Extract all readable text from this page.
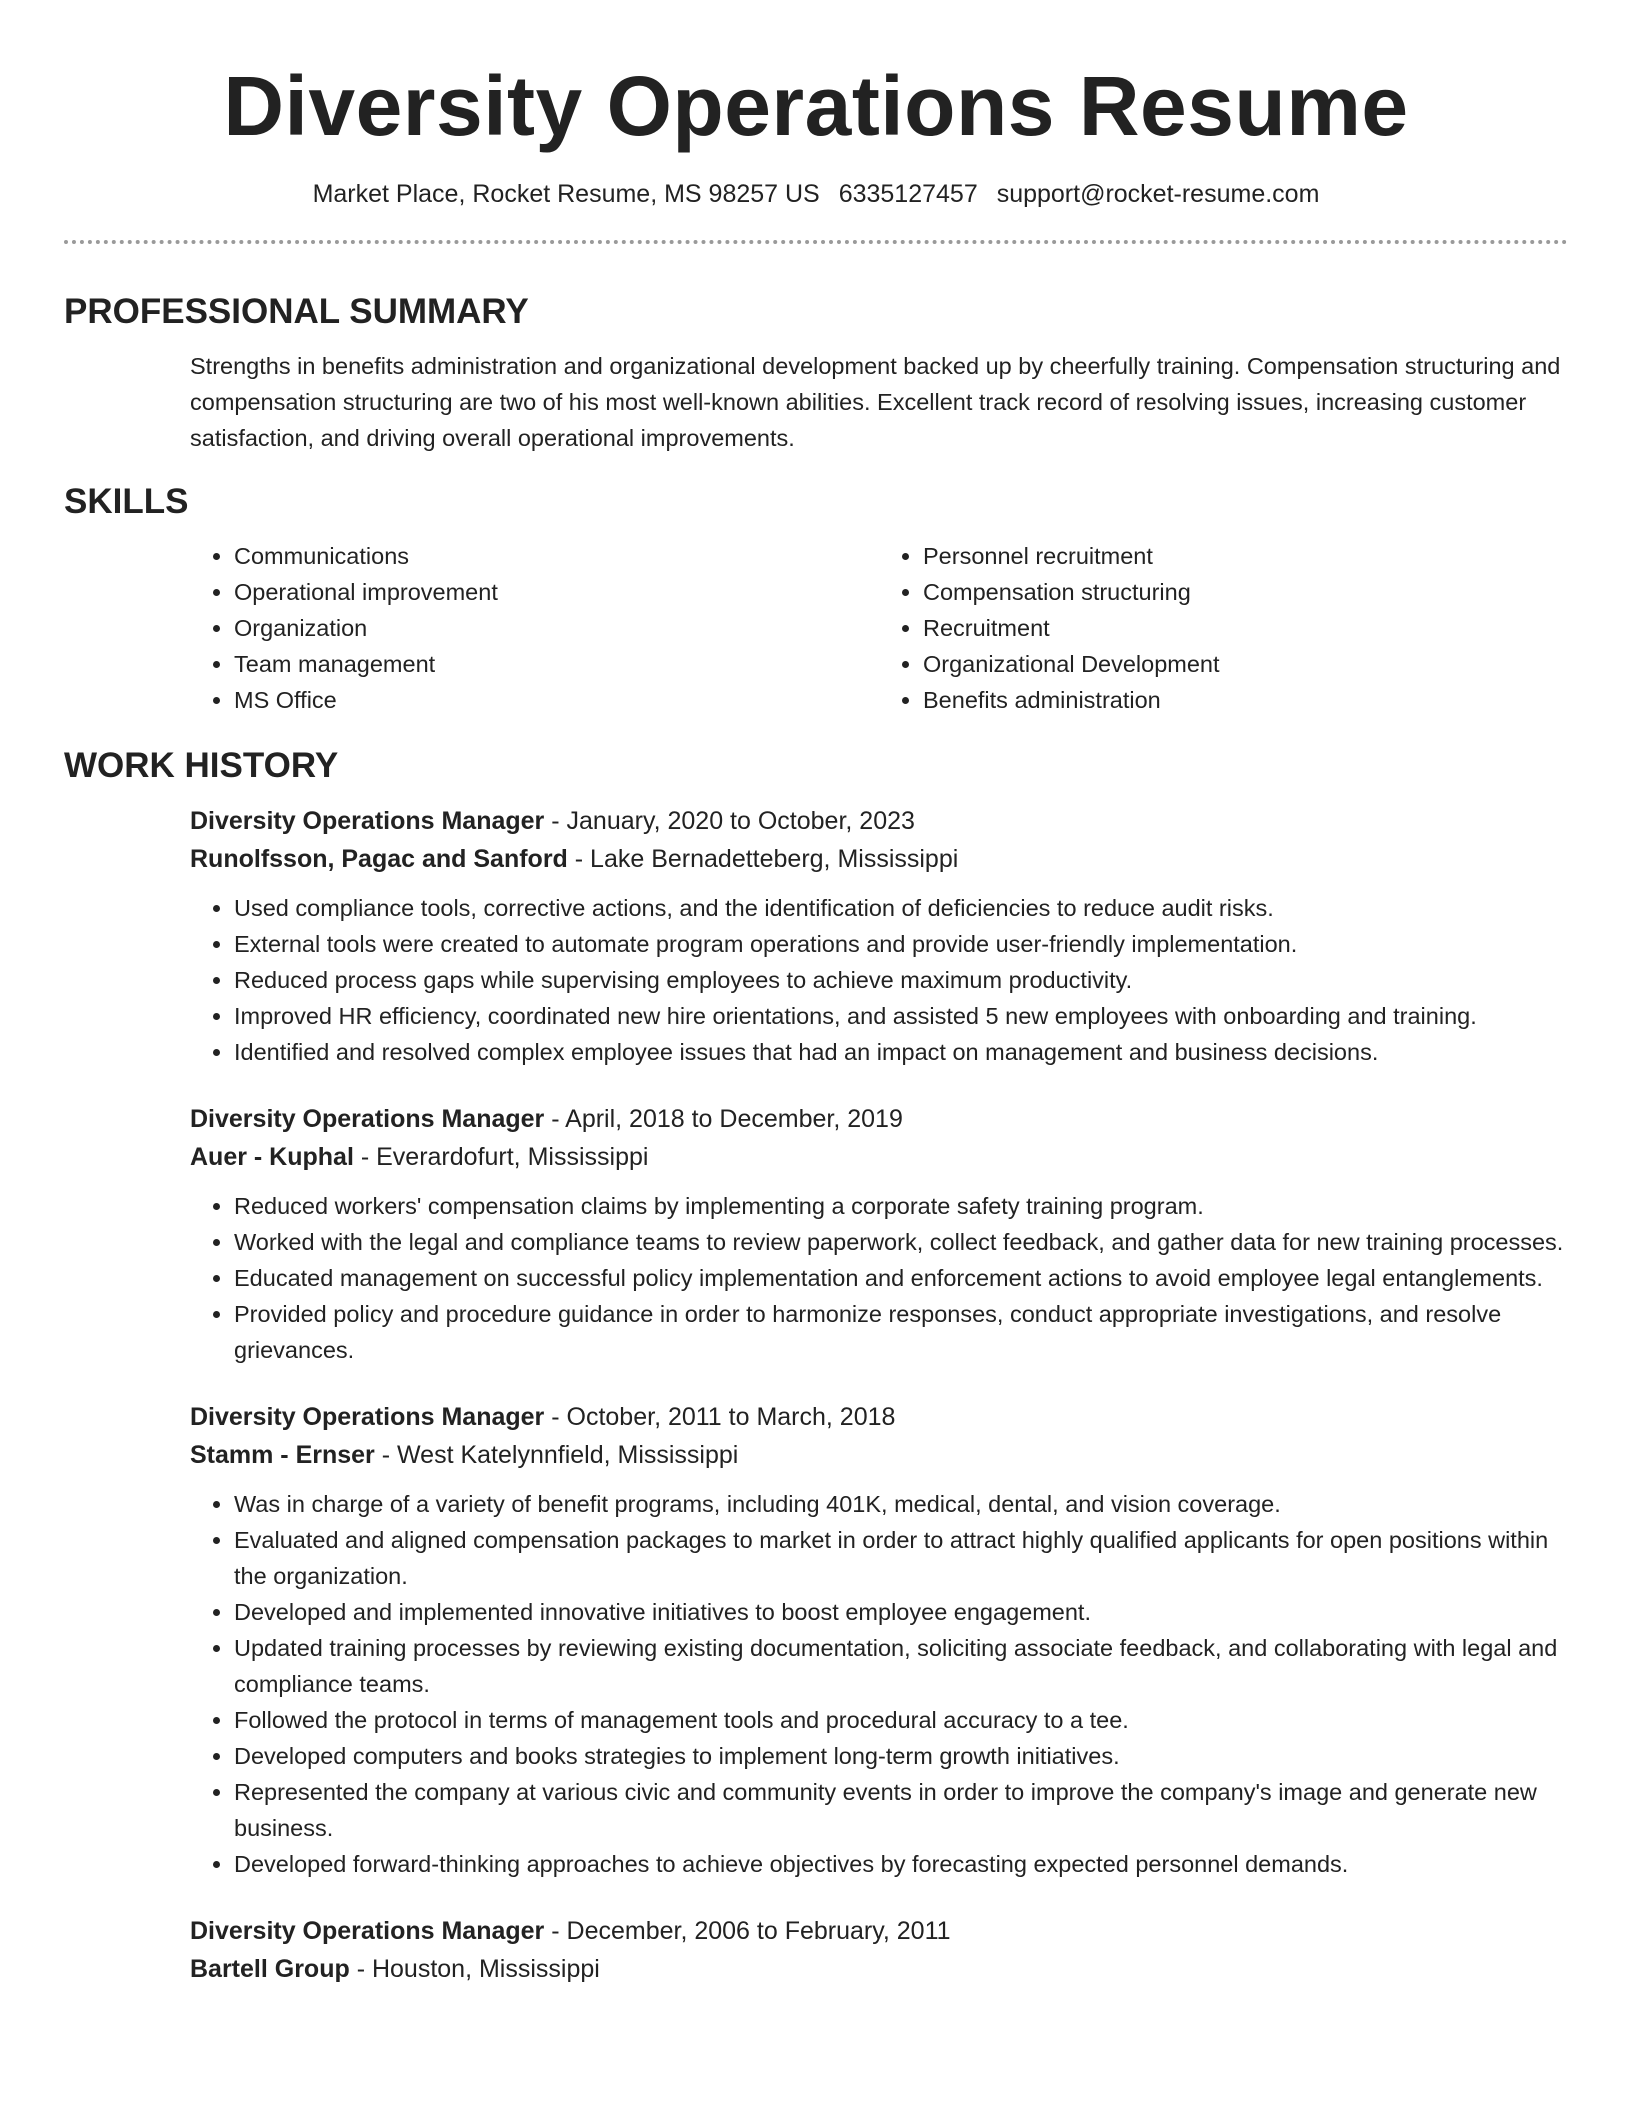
Diversity Operations Resume
Market Place, Rocket Resume, MS 98257 US 6335127457 support@rocket-resume.com
PROFESSIONAL SUMMARY
Strengths in benefits administration and organizational development backed up by cheerfully training. Compensation structuring and compensation structuring are two of his most well-known abilities. Excellent track record of resolving issues, increasing customer satisfaction, and driving overall operational improvements.
SKILLS
• Communications
• Operational improvement
• Organization
• Team management
• MS Office
• Personnel recruitment
• Compensation structuring
• Recruitment
• Organizational Development
• Benefits administration
WORK HISTORY
Diversity Operations Manager - January, 2020 to October, 2023
Runolfsson, Pagac and Sanford - Lake Bernadetteberg, Mississippi
• Used compliance tools, corrective actions, and the identification of deficiencies to reduce audit risks.
• External tools were created to automate program operations and provide user-friendly implementation.
• Reduced process gaps while supervising employees to achieve maximum productivity.
• Improved HR efficiency, coordinated new hire orientations, and assisted 5 new employees with onboarding and training.
• Identified and resolved complex employee issues that had an impact on management and business decisions.
Diversity Operations Manager - April, 2018 to December, 2019
Auer - Kuphal - Everardofurt, Mississippi
• Reduced workers' compensation claims by implementing a corporate safety training program.
• Worked with the legal and compliance teams to review paperwork, collect feedback, and gather data for new training processes.
• Educated management on successful policy implementation and enforcement actions to avoid employee legal entanglements.
• Provided policy and procedure guidance in order to harmonize responses, conduct appropriate investigations, and resolve grievances.
Diversity Operations Manager - October, 2011 to March, 2018
Stamm - Ernser - West Katelynnfield, Mississippi
• Was in charge of a variety of benefit programs, including 401K, medical, dental, and vision coverage.
• Evaluated and aligned compensation packages to market in order to attract highly qualified applicants for open positions within the organization.
• Developed and implemented innovative initiatives to boost employee engagement.
• Updated training processes by reviewing existing documentation, soliciting associate feedback, and collaborating with legal and compliance teams.
• Followed the protocol in terms of management tools and procedural accuracy to a tee.
• Developed computers and books strategies to implement long-term growth initiatives.
• Represented the company at various civic and community events in order to improve the company's image and generate new business.
• Developed forward-thinking approaches to achieve objectives by forecasting expected personnel demands.
Diversity Operations Manager - December, 2006 to February, 2011
Bartell Group - Houston, Mississippi
